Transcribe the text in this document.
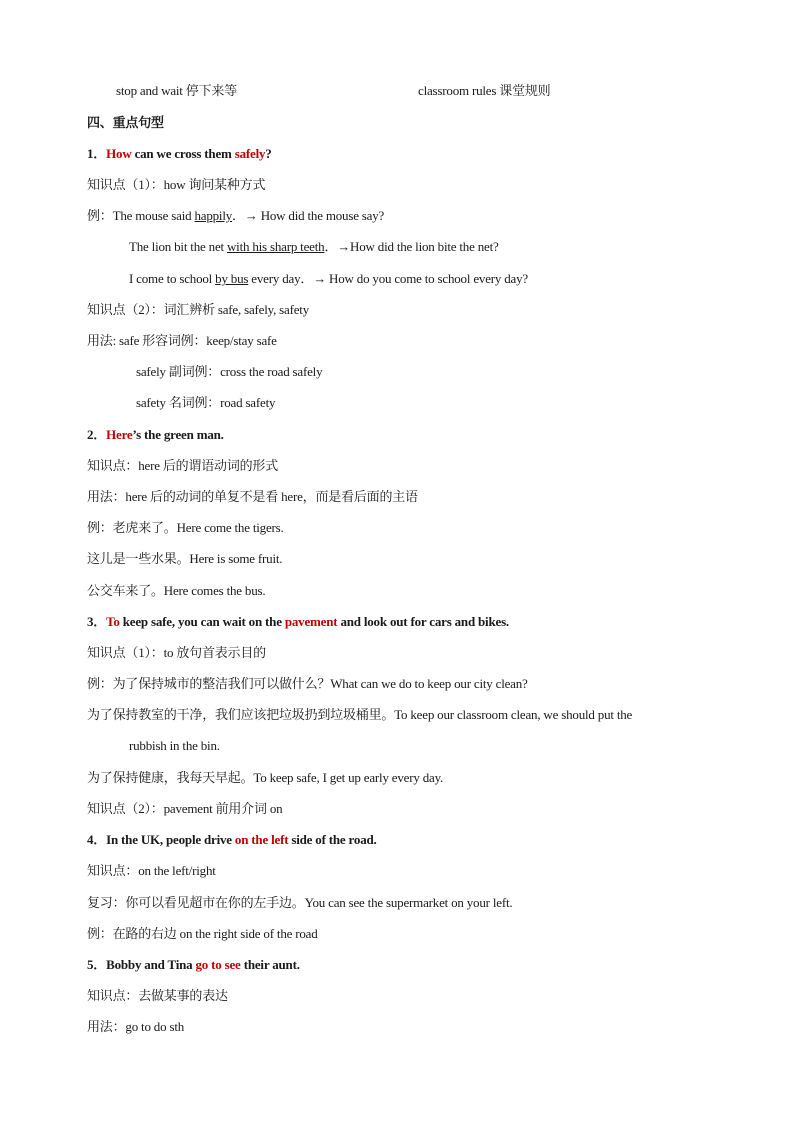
stop and wait 停下来等	classroom rules 课堂规则
四、重点句型
1．How can we cross them safely?
知识点（1）：how 询问某种方式
例：The mouse said happily．→ How did the mouse say?
The lion bit the net with his sharp teeth．→How did the lion bite the net?
I come to school by bus every day．→ How do you come to school every day?
知识点（2）：词汇辨析 safe, safely, safety
用法: safe 形容词例：keep/stay safe
safely 副词例：cross the road safely
safety 名词例：road safety
2．Here’s the green man.
知识点：here 后的谓语动词的形式
用法：here 后的动词的单复不是看 here，而是看后面的主语
例：老虎来了。Here come the tigers.
这儿是一些水果。Here is some fruit.
公交车来了。Here comes the bus.
3．To keep safe, you can wait on the pavement and look out for cars and bikes.
知识点（1）：to 放句首表示目的
例：为了保持城市的整洁我们可以做什么？What can we do to keep our city clean?
为了保持教室的干净，我们应该把垃圾扔到垃圾桶里。To keep our classroom clean, we should put the
rubbish in the bin.
为了保持健康，我每天早起。To keep safe, I get up early every day.
知识点（2）：pavement 前用介词 on
4．In the UK, people drive on the left side of the road.
知识点：on the left/right
复习：你可以看见超市在你的左手边。You can see the supermarket on your left.
例：在路的右边 on the right side of the road
5．Bobby and Tina go to see their aunt.
知识点：去做某事的表达
用法：go to do sth
